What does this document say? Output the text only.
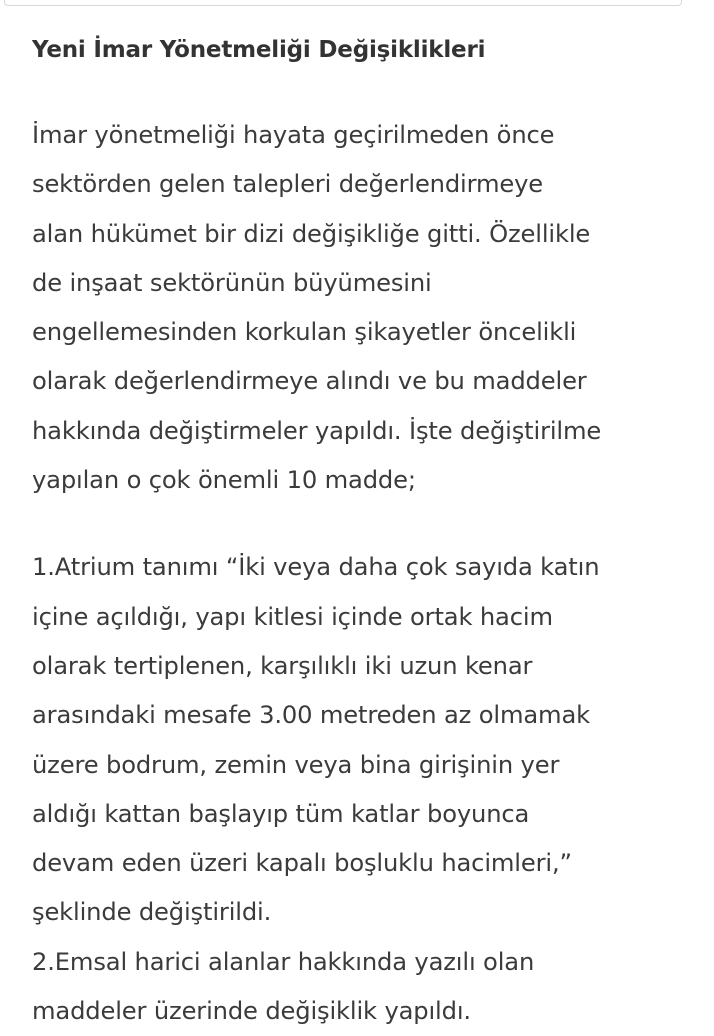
Yeni İmar Yönetmeliği Değişiklikleri

İmar yönetmeliği hayata geçirilmeden önce
sektörden gelen talepleri değerlendirmeye
alan hükümet bir dizi değişikliğe gitti. Özellikle
de inşaat sektörünün büyümesini
engellemesinden korkulan şikayetler öncelikli
olarak değerlendirmeye alındı ve bu maddeler
hakkında değiştirmeler yapıldı. İşte değiştirilme
yapılan o çok önemli 10 madde;

1.Atrium tanımı “İki veya daha çok sayıda katın
içine açıldığı, yapı kitlesi içinde ortak hacim
olarak tertiplenen, karşılıklı iki uzun kenar
arasındaki mesafe 3.00 metreden az olmamak
üzere bodrum, zemin veya bina girişinin yer
aldığı kattan başlayıp tüm katlar boyunca
devam eden üzeri kapalı boşluklu hacimleri,”
şeklinde değiştirildi.
2.Emsal harici alanlar hakkında yazılı olan
maddeler üzerinde değişiklik yapıldı.
